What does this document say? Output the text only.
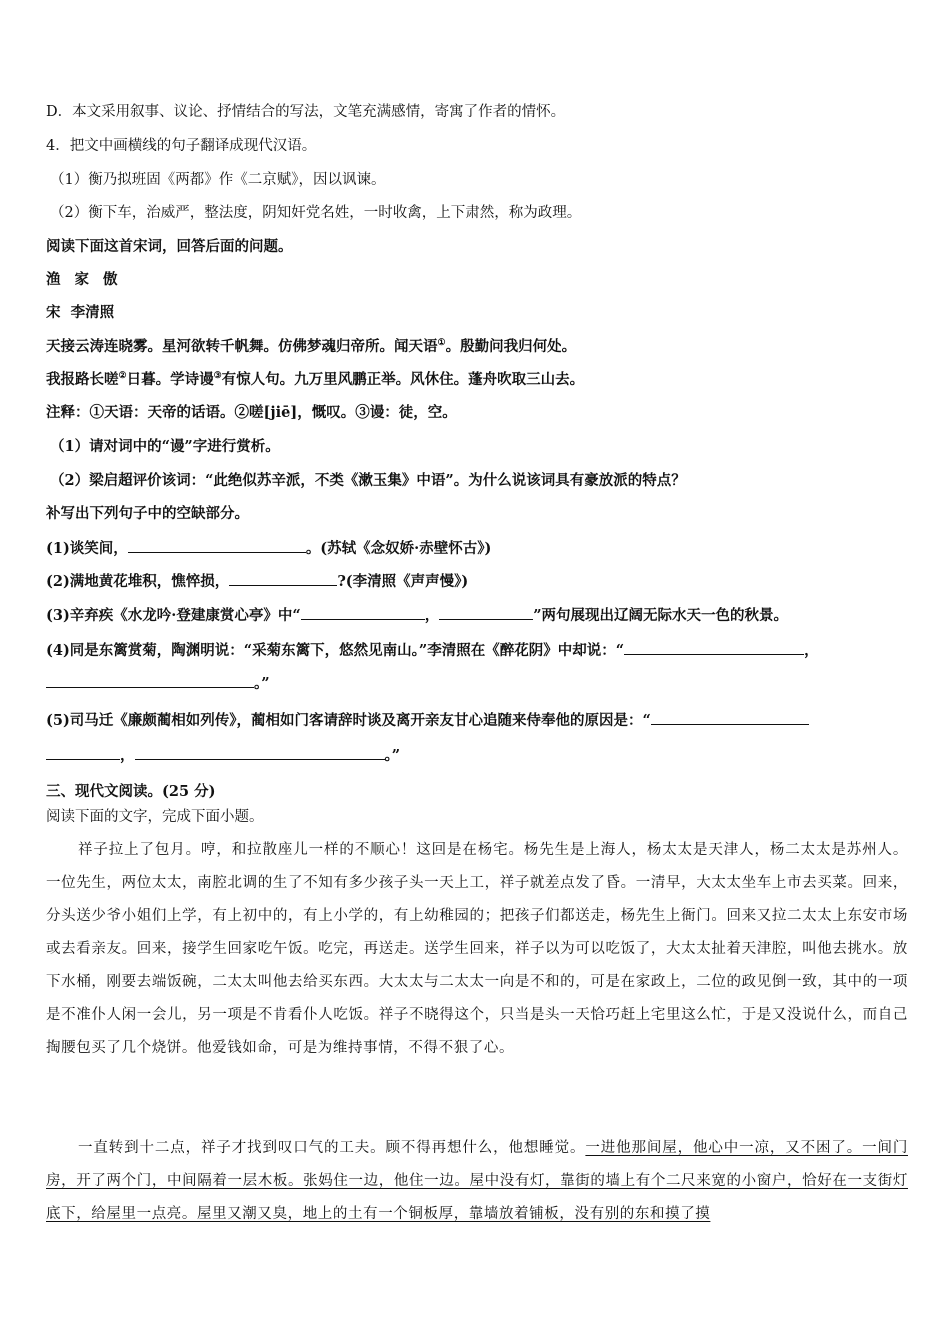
D．本文采用叙事、议论、抒情结合的写法，文笔充满感情，寄寓了作者的情怀。
4．把文中画横线的句子翻译成现代汉语。
（1）衡乃拟班固《两都》作《二京赋》，因以讽谏。
（2）衡下车，治威严，整法度，阴知奸党名姓，一时收禽，上下肃然，称为政理。
阅读下面这首宋词，回答后面的问题。
渔家傲
宋  李清照
天接云涛连晓雾。星河欲转千帆舞。仿佛梦魂归帝所。闻天语①。殷勤问我归何处。
我报路长嗟②日暮。学诗谩③有惊人句。九万里风鹏正举。风休住。蓬舟吹取三山去。
注释：①天语：天帝的话语。②嗟[jiē]，慨叹。③谩：徒，空。
（1）请对词中的“谩”字进行赏析。
（2）梁启超评价该词：“此绝似苏辛派，不类《漱玉集》中语”。为什么说该词具有豪放派的特点？
补写出下列句子中的空缺部分。
(1)谈笑间，	。(苏轼《念奴娇·赤壁怀古》)
(2)满地黄花堆积，憔悴损，	?(李清照《声声慢》)
(3)辛弃疾《水龙吟·登建康赏心亭》中“	，	”两句展现出辽阔无际水天一色的秋景。
(4)同是东篱赏菊，陶渊明说：“采菊东篱下，悠然见南山。”李清照在《醉花阴》中却说：“	，
。”
(5)司马迁《廉颇蔺相如列传》，蔺相如门客请辞时谈及离开亲友甘心追随来侍奉他的原因是：“
，	。”
三、现代文阅读。(25 分)
阅读下面的文字，完成下面小题。
祥子拉上了包月。哼，和拉散座儿一样的不顺心！这回是在杨宅。杨先生是上海人，杨太太是天津人，杨二太太是苏州人。一位先生，两位太太，南腔北调的生了不知有多少孩子头一天上工，祥子就差点发了昏。一清早，大太太坐车上市去买菜。回来，分头送少爷小姐们上学，有上初中的，有上小学的，有上幼稚园的；把孩子们都送走，杨先生上衙门。回来又拉二太太上东安市场或去看亲友。回来，接学生回家吃午饭。吃完，再送走。送学生回来，祥子以为可以吃饭了，大太太扯着天津腔，叫他去挑水。放下水桶，刚要去端饭碗，二太太叫他去给买东西。大太太与二太太一向是不和的，可是在家政上，二位的政见倒一致，其中的一项是不准仆人闲一会儿，另一项是不肯看仆人吃饭。祥子不晓得这个，只当是头一天恰巧赶上宅里这么忙，于是又没说什么，而自己掏腰包买了几个烧饼。他爱钱如命，可是为维持事情，不得不狠了心。
一直转到十二点，祥子才找到叹口气的工夫。顾不得再想什么，他想睡觉。一进他那间屋，他心中一凉，又不困了。一间门房，开了两个门，中间隔着一层木板。张妈住一边，他住一边。屋中没有灯，靠街的墙上有个二尺来宽的小窗户，恰好在一支街灯底下，给屋里一点亮。屋里又潮又臭，地上的土有一个铜板厚，靠墙放着铺板，没有别的东和摸了摸
